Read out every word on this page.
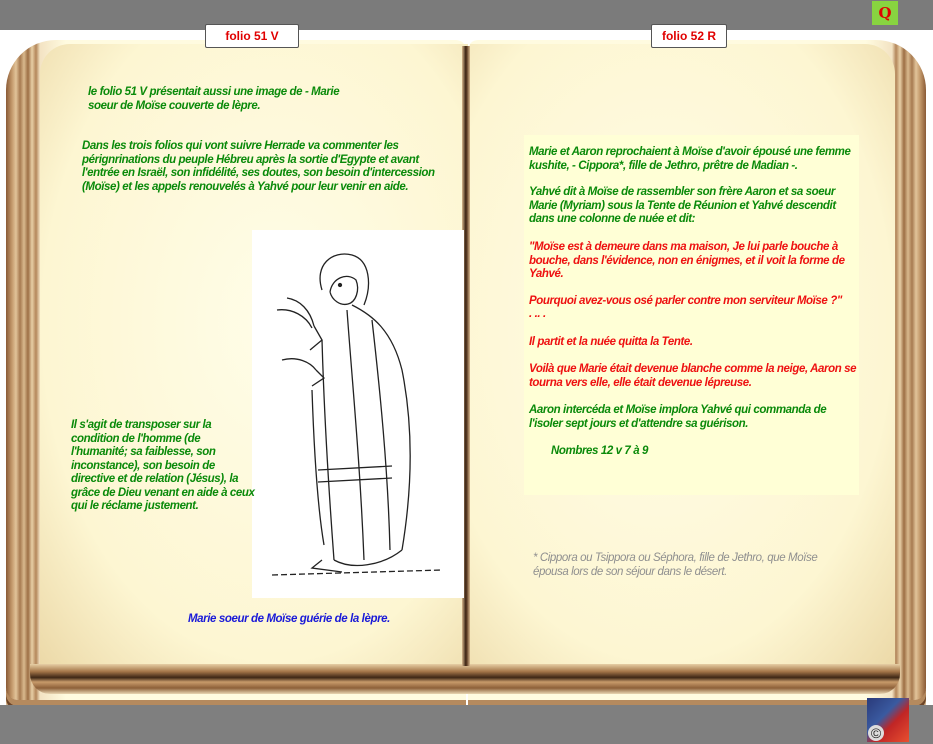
folio 51 V	folio 52 R
Q
le folio 51 V présentait aussi une image de - Marie soeur de Moïse couverte de lèpre.
Dans les trois folios qui vont suivre Herrade va commenter les pérignrinations du peuple Hébreu après la sortie d'Egypte et avant l'entrée en Israël, son infidélité, ses doutes, son besoin d'intercession (Moïse) et les appels renouvelés à Yahvé pour leur venir en aide.
Il s'agit de transposer sur la condition de l'homme (de l'humanité; sa faiblesse, son inconstance), son besoin de directive et de relation (Jésus), la grâce de Dieu venant en aide à ceux qui le réclame justement.
Marie soeur de Moïse guérie de la lèpre.
Marie et Aaron reprochaient à Moïse d'avoir épousé une femme kushite, - Cippora*, fille de Jethro, prêtre de Madian -.
Yahvé dit à Moïse de rassembler son frère Aaron et sa soeur Marie (Myriam) sous la Tente de Réunion et Yahvé descendit dans une colonne de nuée et dit:
"Moïse est à demeure dans ma maison, Je lui parle bouche à bouche, dans l'évidence, non en énigmes, et il voit la forme de Yahvé.
Pourquoi avez-vous osé parler contre mon serviteur Moïse ?"
. .. .
Il partit et la nuée quitta la Tente.
Voilà que Marie était devenue blanche comme la neige, Aaron se tourna vers elle, elle était devenue lépreuse.
Aaron intercéda et Moïse implora Yahvé qui commanda de l'isoler sept jours et d'attendre sa guérison.
Nombres 12 v 7 à 9
* Cippora ou Tsippora ou Séphora, fille de Jethro, que Moïse épousa lors de son séjour dans le désert.
©
